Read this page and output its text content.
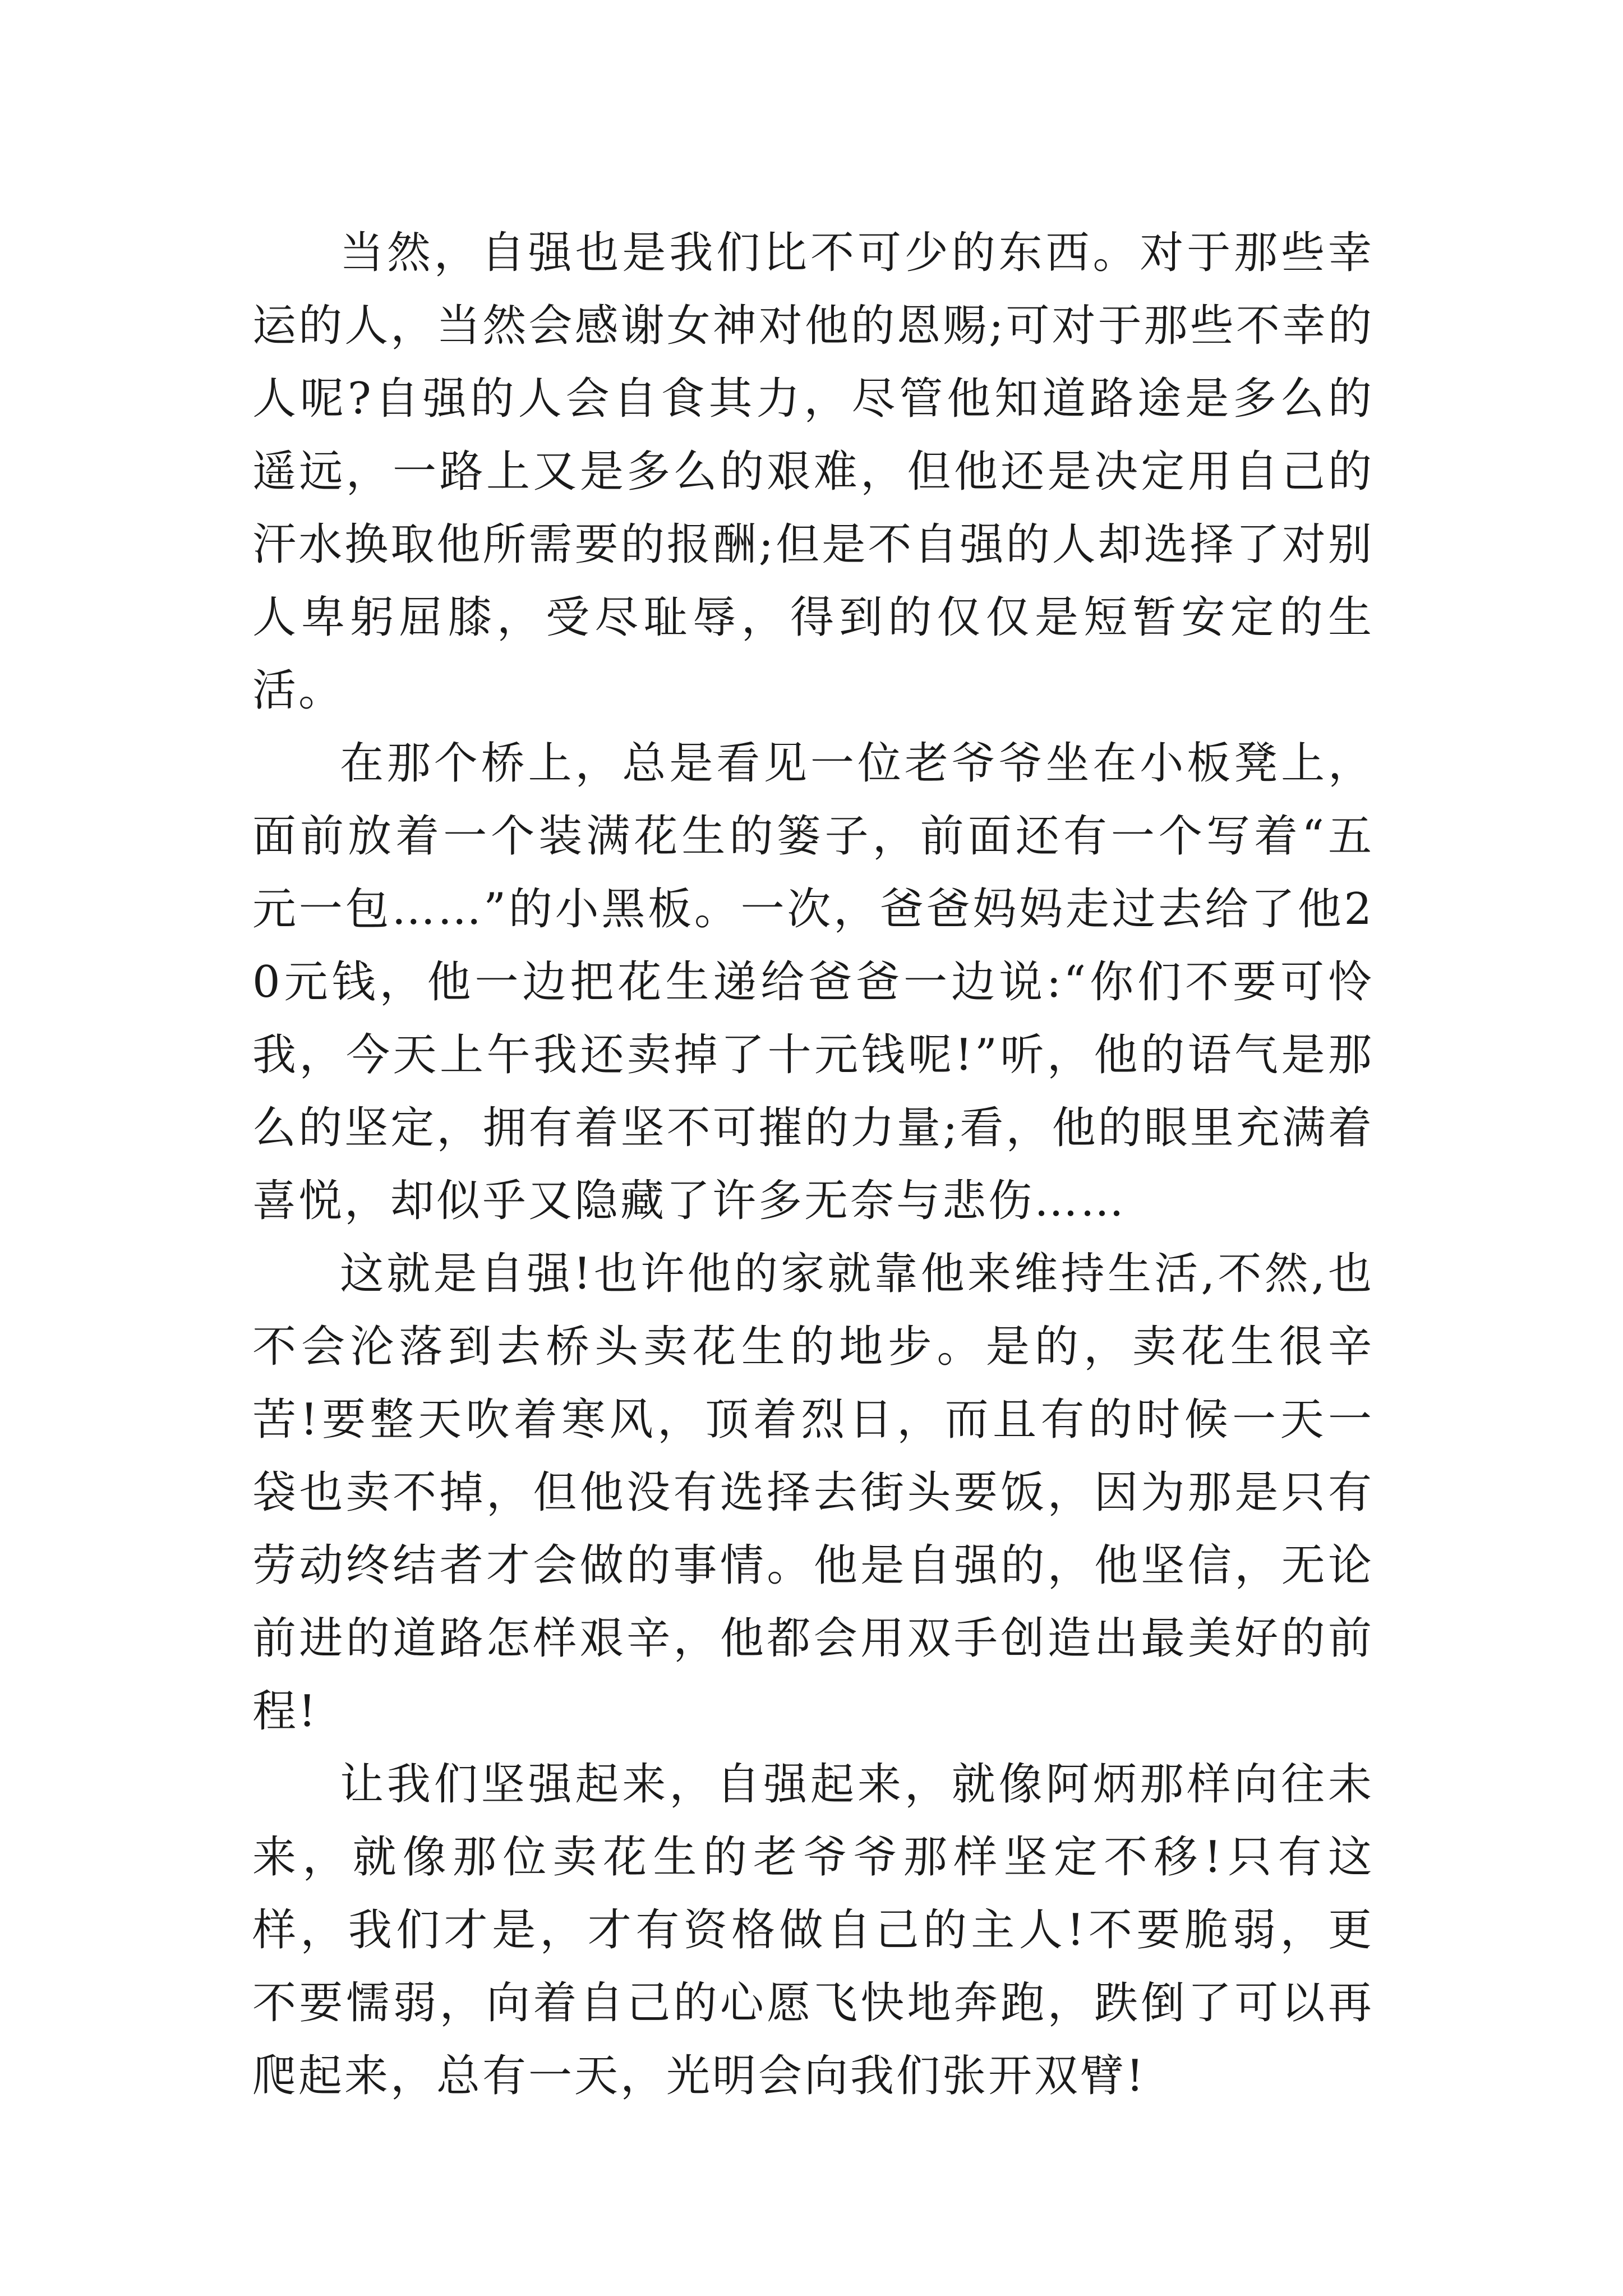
当然，自强也是我们比不可少的东西。对于那些幸运的人，当然会感谢女神对他的恩赐;可对于那些不幸的人呢?自强的人会自食其力，尽管他知道路途是多么的遥远，一路上又是多么的艰难，但他还是决定用自己的汗水换取他所需要的报酬;但是不自强的人却选择了对别人卑躬屈膝，受尽耻辱，得到的仅仅是短暂安定的生活。

在那个桥上，总是看见一位老爷爷坐在小板凳上，面前放着一个装满花生的篓子，前面还有一个写着“五元一包……”的小黑板。一次，爸爸妈妈走过去给了他20元钱，他一边把花生递给爸爸一边说:“你们不要可怜我，今天上午我还卖掉了十元钱呢!”听，他的语气是那么的坚定，拥有着坚不可摧的力量;看，他的眼里充满着喜悦，却似乎又隐藏了许多无奈与悲伤……

这就是自强!也许他的家就靠他来维持生活,不然,也不会沦落到去桥头卖花生的地步。是的，卖花生很辛苦!要整天吹着寒风，顶着烈日，而且有的时候一天一袋也卖不掉，但他没有选择去街头要饭，因为那是只有劳动终结者才会做的事情。他是自强的，他坚信，无论前进的道路怎样艰辛，他都会用双手创造出最美好的前程!

让我们坚强起来，自强起来，就像阿炳那样向往未来，就像那位卖花生的老爷爷那样坚定不移!只有这样，我们才是，才有资格做自己的主人!不要脆弱，更不要懦弱，向着自己的心愿飞快地奔跑，跌倒了可以再爬起来，总有一天，光明会向我们张开双臂!
